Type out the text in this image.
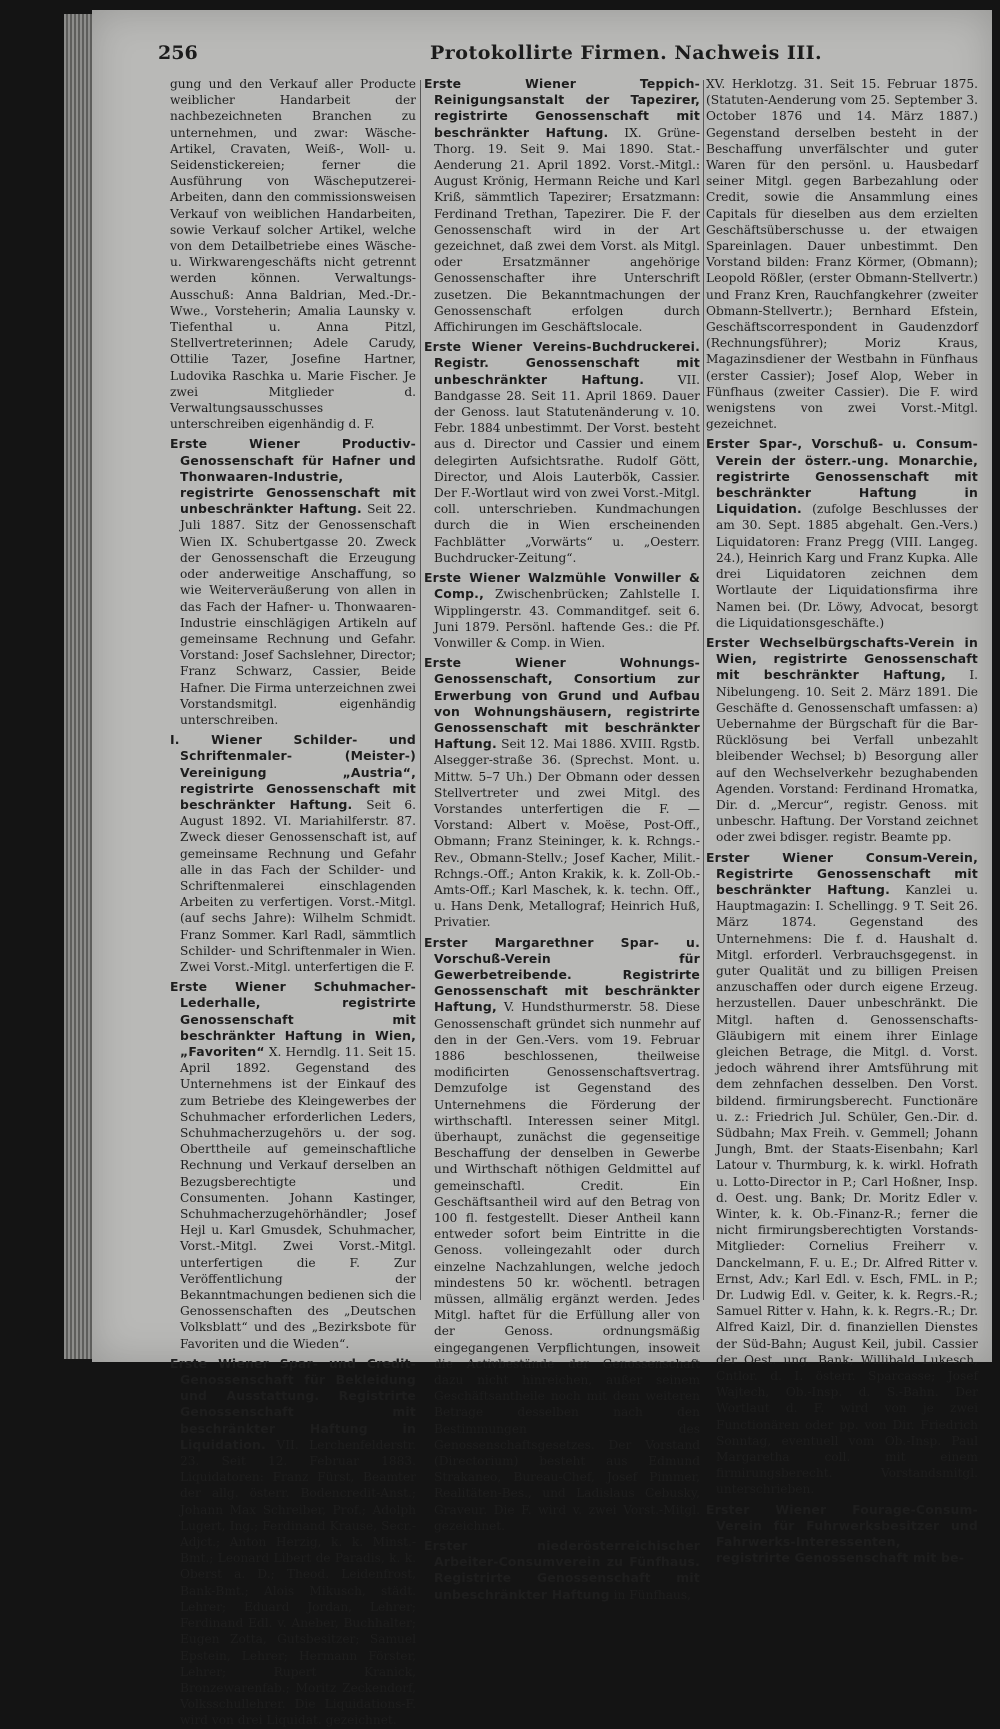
256	Protokollirte Firmen. Nachweis III.

gung und den Verkauf aller Producte weiblicher Handarbeit der nachbezeichneten Branchen zu unternehmen, und zwar: Wäsche-Artikel, Cravaten, Weiß-, Woll- u. Seidenstickereien; ferner die Ausführung von Wäscheputzerei-Arbeiten, dann den commissionsweisen Verkauf von weiblichen Handarbeiten, sowie Verkauf solcher Artikel, welche von dem Detailbetriebe eines Wäsche- u. Wirkwarengeschäfts nicht getrennt werden können. Verwaltungs-Ausschuß: Anna Baldrian, Med.-Dr.-Wwe., Vorsteherin; Amalia Launsky v. Tiefenthal u. Anna Pitzl, Stellvertreterinnen; Adele Carudy, Ottilie Tazer, Josefine Hartner, Ludovika Raschka u. Marie Fischer. Je zwei Mitglieder d. Verwaltungsausschusses unterschreiben eigenhändig d. F.

Erste Wiener Productiv-Genossenschaft für Hafner und Thonwaaren-Industrie, registrirte Genossenschaft mit unbeschränkter Haftung. Seit 22. Juli 1887. Sitz der Genossenschaft Wien IX. Schubertgasse 20. Zweck der Genossenschaft die Erzeugung oder anderweitige Anschaffung, so wie Weiterveräußerung von allen in das Fach der Hafner- u. Thonwaaren-Industrie einschlägigen Artikeln auf gemeinsame Rechnung und Gefahr. Vorstand: Josef Sachslehner, Director; Franz Schwarz, Cassier, Beide Hafner. Die Firma unterzeichnen zwei Vorstandsmitgl. eigenhändig unterschreiben.

I. Wiener Schilder- und Schriftenmaler- (Meister-) Vereinigung „Austria“, registrirte Genossenschaft mit beschränkter Haftung. Seit 6. August 1892. VI. Mariahilferstr. 87. Zweck dieser Genossenschaft ist, auf gemeinsame Rechnung und Gefahr alle in das Fach der Schilder- und Schriftenmalerei einschlagenden Arbeiten zu verfertigen. Vorst.-Mitgl. (auf sechs Jahre): Wilhelm Schmidt. Franz Sommer. Karl Radl, sämmtlich Schilder- und Schriftenmaler in Wien. Zwei Vorst.-Mitgl. unterfertigen die F.

Erste Wiener Schuhmacher-Lederhalle, registrirte Genossenschaft mit beschränkter Haftung in Wien, „Favoriten“ X. Herndlg. 11. Seit 15. April 1892. Gegenstand des Unternehmens ist der Einkauf des zum Betriebe des Kleingewerbes der Schuhmacher erforderlichen Leders, Schuhmacherzugehörs u. der sog. Oberttheile auf gemeinschaftliche Rechnung und Verkauf derselben an Bezugsberechtigte und Consumenten. Johann Kastinger, Schuhmacherzugehörhändler; Josef Hejl u. Karl Gmusdek, Schuhmacher, Vorst.-Mitgl. Zwei Vorst.-Mitgl. unterfertigen die F. Zur Veröffentlichung der Bekanntmachungen bedienen sich die Genossenschaften des „Deutschen Volksblatt“ und des „Bezirksbote für Favoriten und die Wieden“.

Erste Wiener Spar- und Credit-Genossenschaft für Bekleidung und Ausstattung. Registrirte Genossenschaft mit beschränkter Haftung in Liquidation. VII. Lerchenfelderstr. 23. Seit 12. Februar 1883. Liquidatoren: Franz Fürst, Beamter der allg. österr. Bodencredit-Anst.; Johann Max Schreiber, Prof.; Adolph Lugert, Ing.; Ferdinand Krause, Secr.-Adjct.; Anton Herzig, k. k. Minst.-Bmt.; Leonard Libert de Paradis, k. k. Oberst a. D.; Theod. Leidenfrost, Bank-Bmt.; Alois Mikusch, städt. Lehrer; Eduard Jordan, Lehrer; Ferdinand Edl. v. Aneber, Buchhalter; Eugen Zotta, Gutsbesitzer; Samuel Epstein, Lehrer; Hermann Förster, Lehrer; Rupert Kranick, Bronzewarenfab.; Moritz Zeckendorf, Volksschullehrer. Die Liquidations-F. wird von drei Liquidat. gezeichnet.

Erste Wiener Teppich-Reinigungsanstalt der Tapezirer, registrirte Genossenschaft mit beschränkter Haftung. IX. Grüne-Thorg. 19. Seit 9. Mai 1890. Stat.-Aenderung 21. April 1892. Vorst.-Mitgl.: August Krönig, Hermann Reiche und Karl Kriß, sämmtlich Tapezirer; Ersatzmann: Ferdinand Trethan, Tapezirer. Die F. der Genossenschaft wird in der Art gezeichnet, daß zwei dem Vorst. als Mitgl. oder Ersatzmänner angehörige Genossenschafter ihre Unterschrift zusetzen. Die Bekanntmachungen der Genossenschaft erfolgen durch Affichirungen im Geschäftslocale.

Erste Wiener Vereins-Buchdruckerei. Registr. Genossenschaft mit unbeschränkter Haftung.	VII. Bandgasse 28. Seit 11. April 1869. Dauer der Genoss. laut Statutenänderung v. 10. Febr. 1884 unbestimmt. Der Vorst. besteht aus d. Director und Cassier und einem delegirten Aufsichtsrathe. Rudolf Gött, Director, und Alois Lauterbök, Cassier. Der F.-Wortlaut wird von zwei Vorst.-Mitgl. coll. unterschrieben. Kundmachungen durch die in Wien erscheinenden Fachblätter „Vorwärts“ u. „Oesterr. Buchdrucker-Zeitung“.

Erste Wiener Walzmühle Vonwiller & Comp., Zwischenbrücken; Zahlstelle I. Wipplingerstr. 43. Commanditgef. seit 6. Juni 1879. Persönl. haftende Ges.: die Pf. Vonwiller & Comp. in Wien.

Erste Wiener Wohnungs-Genossenschaft, Consortium zur Erwerbung von Grund und Aufbau von Wohnungshäusern, registrirte Genossenschaft mit beschränkter Haftung. Seit 12. Mai 1886. XVIII. Rgstb. Alsegger-straße 36. (Sprechst. Mont. u. Mittw. 5–7 Uh.) Der Obmann oder dessen Stellvertreter und zwei Mitgl. des Vorstandes unterfertigen die F. — Vorstand: Albert v. Moëse, Post-Off., Obmann; Franz Steininger, k. k. Rchngs.-Rev., Obmann-Stellv.; Josef Kacher, Milit.-Rchngs.-Off.; Anton Krakik, k. k. Zoll-Ob.-Amts-Off.; Karl Maschek, k. k. techn. Off., u. Hans Denk, Metallograf; Heinrich Huß, Privatier.

Erster Margarethner Spar- u. Vorschuß-Verein für Gewerbetreibende. Registrirte Genossenschaft mit beschränkter Haftung, V. Hundsthurmerstr. 58. Diese Genossenschaft gründet sich nunmehr auf den in der Gen.-Vers. vom 19. Februar 1886 beschlossenen, theilweise modificirten Genossenschaftsvertrag. Demzufolge ist Gegenstand des Unternehmens die Förderung der wirthschaftl. Interessen seiner Mitgl. überhaupt, zunächst die gegenseitige Beschaffung der denselben in Gewerbe und Wirthschaft nöthigen Geldmittel auf gemeinschaftl. Credit. Ein Geschäftsantheil wird auf den Betrag von 100 fl. festgestellt. Dieser Antheil kann entweder sofort beim Eintritte in die Genoss. volleingezahlt oder durch einzelne Nachzahlungen, welche jedoch mindestens 50 kr. wöchentl. betragen müssen, allmälig ergänzt werden. Jedes Mitgl. haftet für die Erfüllung aller von der Genoss. ordnungsmäßig eingegangenen Verpflichtungen, insoweit die Activbestände der Genossenschaft dazu nicht hinreichen, außer seinem Geschäftsantheile noch mit dem weiteren Betrage desselben nach den Bestimmungen des Genossenschaftsgesetzes. Der Vorstand (Directorium) besteht aus Edmund Strakaneo, Bureau-Chef, Josef Pimmer, Realitäten-Bes., und Ladislaus Cebusky, Graveur. Die F. wird v. zwei Vorst.-Mitgl. gezeichnet.

Erster niederösterreichischer Arbeiter-Consumverein zu Fünfhaus. Registrirte Genossenschaft mit unbeschränkter Haftung in Fünfhaus,

XV. Herklotzg. 31. Seit 15. Februar 1875. (Statuten-Aenderung vom 25. September 3. October 1876 und 14. März 1887.) Gegenstand derselben besteht in der Beschaffung unverfälschter und guter Waren für den persönl. u. Hausbedarf seiner Mitgl. gegen Barbezahlung oder Credit, sowie die Ansammlung eines Capitals für dieselben aus dem erzielten Geschäftsüberschusse u. der etwaigen Spareinlagen. Dauer unbestimmt. Den Vorstand bilden: Franz Körmer, (Obmann); Leopold Rößler, (erster Obmann-Stellvertr.) und Franz Kren, Rauchfangkehrer (zweiter Obmann-Stellvertr.); Bernhard Efstein, Geschäftscorrespondent in Gaudenzdorf (Rechnungsführer); Moriz Kraus, Magazinsdiener der Westbahn in Fünfhaus (erster Cassier); Josef Alop, Weber in Fünfhaus (zweiter Cassier). Die F. wird wenigstens von zwei Vorst.-Mitgl. gezeichnet.

Erster Spar-, Vorschuß- u. Consum-Verein der österr.-ung. Monarchie, registrirte Genossenschaft mit beschränkter Haftung in Liquidation. (zufolge Beschlusses der am 30. Sept. 1885 abgehalt. Gen.-Vers.) Liquidatoren: Franz Pregg (VIII. Langeg. 24.), Heinrich Karg und Franz Kupka. Alle drei Liquidatoren zeichnen dem Wortlaute der Liquidationsfirma ihre Namen bei. (Dr. Löwy, Advocat, besorgt die Liquidationsgeschäfte.)

Erster Wechselbürgschafts-Verein in Wien, registrirte Genossenschaft mit beschränkter Haftung, I. Nibelungeng. 10. Seit 2. März 1891. Die Geschäfte d. Genossenschaft umfassen: a) Uebernahme der Bürgschaft für die Bar-Rücklösung bei Verfall unbezahlt bleibender Wechsel; b) Besorgung aller auf den Wechselverkehr bezughabenden Agenden. Vorstand: Ferdinand Hromatka, Dir. d. „Mercur“, registr. Genoss. mit unbeschr. Haftung. Der Vorstand zeichnet oder zwei bdisger. registr. Beamte pp.

Erster Wiener Consum-Verein, Registrirte Genossenschaft mit beschränkter Haftung. Kanzlei u. Hauptmagazin: I. Schellingg. 9 T. Seit 26. März 1874. Gegenstand des Unternehmens: Die f. d. Haushalt d. Mitgl. erforderl. Verbrauchsgegenst. in guter Qualität und zu billigen Preisen anzuschaffen oder durch eigene Erzeug. herzustellen. Dauer unbeschränkt. Die Mitgl. haften d. Genossenschafts-Gläubigern mit einem ihrer Einlage gleichen Betrage, die Mitgl. d. Vorst. jedoch während ihrer Amtsführung mit dem zehnfachen desselben. Den Vorst. bildend. firmirungsberecht. Functionäre u. z.: Friedrich Jul. Schüler, Gen.-Dir. d. Südbahn; Max Freih. v. Gemmell; Johann Jungh, Bmt. der Staats-Eisenbahn; Karl Latour v. Thurmburg, k. k. wirkl. Hofrath u. Lotto-Director in P.; Carl Hoßner, Insp. d. Oest. ung. Bank; Dr. Moritz Edler v. Winter, k. k. Ob.-Finanz-R.; ferner die nicht firmirungsberechtigten Vorstands-Mitglieder: Cornelius Freiherr v. Danckelmann, F. u. E.; Dr. Alfred Ritter v. Ernst, Adv.; Karl Edl. v. Esch, FML. in P.; Dr. Ludwig Edl. v. Geiter, k. k. Regrs.-R.; Samuel Ritter v. Hahn, k. k. Regrs.-R.; Dr. Alfred Kaizl, Dir. d. finanziellen Dienstes der Süd-Bahn; August Keil, jubil. Cassier der Oest. ung. Bank; Willibald Lukesch, Cntlor. d. I. österr. Sparcasse; Josef Wajtech, Ob.-Insp. d. S.-Bahn. Der Wortlaut d. F. wird von je zwei Functionären oder pp. von Dir. Friedrich Sonntag, eventuell vom Ob.-Insp. Paul Margaretha coll. mit einem firmirungsberecht. Vorstandsmitgl. unterschrieben.

Erster Wiener Fourage-Consum-Verein für Fuhrwerksbesitzer und Fahrwerks-Interessenten, registrirte Genossenschaft mit be-
